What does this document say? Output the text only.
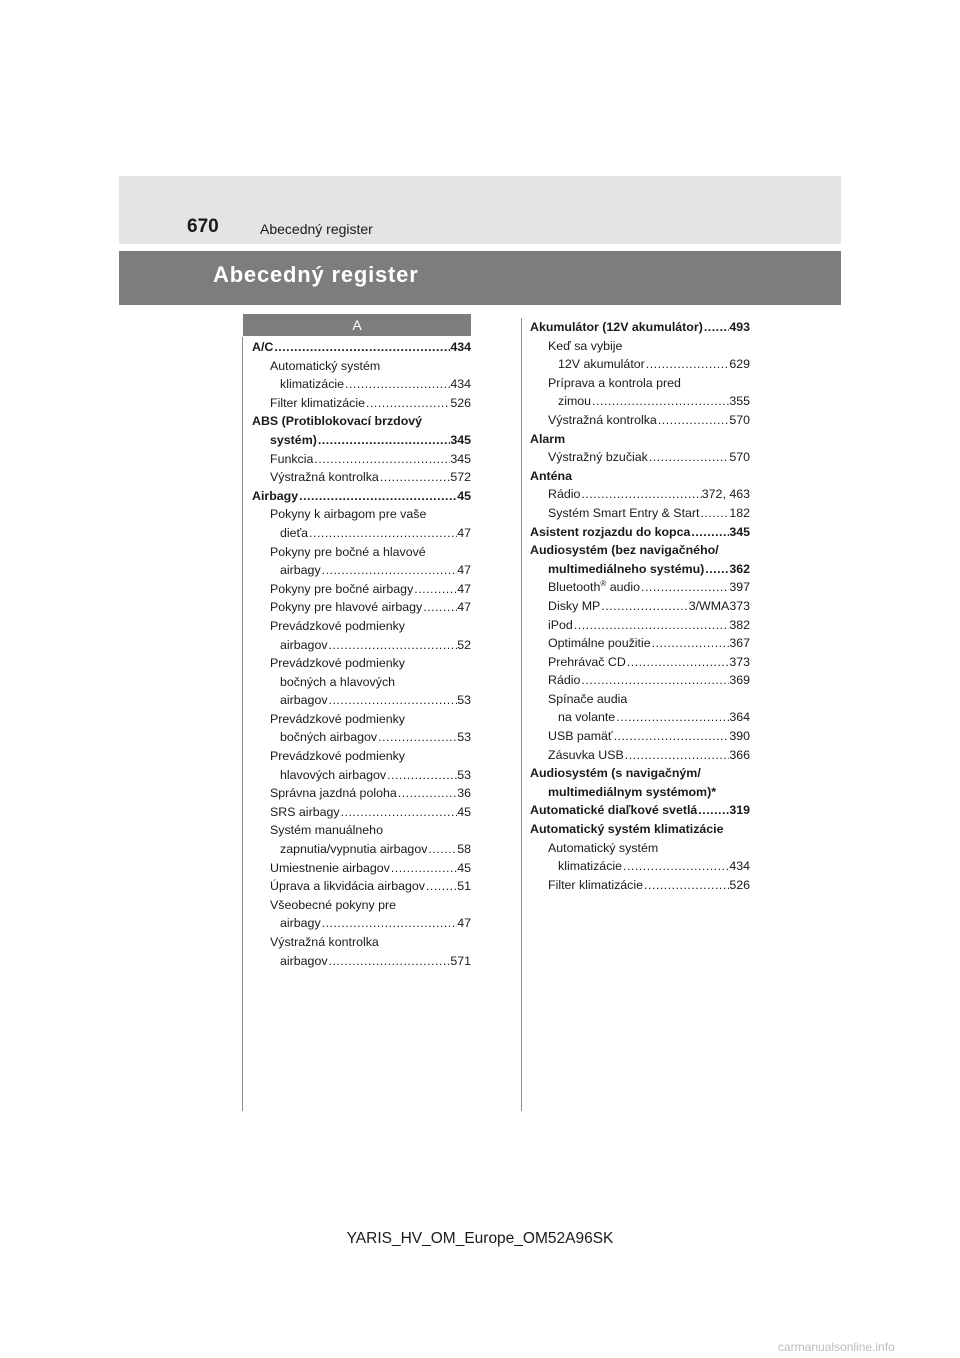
670	Abecedný register
Abecedný register
A
A/C .....	434
Automatický systém
klimatizácie .....	434
Filter klimatizácie .....	526
ABS (Protiblokovací brzdový
systém) .....	345
Funkcia .....	345
Výstražná kontrolka .....	572
Airbagy .....	45
Pokyny k airbagom pre vaše
dieťa .....	47
Pokyny pre bočné a hlavové
airbagy .....	47
Pokyny pre bočné airbagy .....	47
Pokyny pre hlavové airbagy .....	47
Prevádzkové podmienky
airbagov .....	52
Prevádzkové podmienky
bočných a hlavových
airbagov .....	53
Prevádzkové podmienky
bočných airbagov .....	53
Prevádzkové podmienky
hlavových airbagov .....	53
Správna jazdná poloha .....	36
SRS airbagy .....	45
Systém manuálneho
zapnutia/vypnutia airbagov ..... 58
Umiestnenie airbagov .....	45
Úprava a likvidácia airbagov .....	51
Všeobecné pokyny pre
airbagy .....	47
Výstražná kontrolka
airbagov .....	571
Akumulátor (12V akumulátor) ..... 493
Keď sa vybije
12V akumulátor .....	629
Príprava a kontrola pred
zimou .....	355
Výstražná kontrolka .....	570
Alarm
Výstražný bzučiak .....	570
Anténa
Rádio .....	372, 463
Systém Smart Entry & Start ..... 182
Asistent rozjazdu do kopca .....	345
Audiosystém (bez navigačného/
multimediálneho systému) ..... 362
Bluetooth® audio .....	397
Disky MP .....	3/WMA373
iPod .....	382
Optimálne použitie .....	367
Prehrávač CD .....	373
Rádio .....	369
Spínače audia
na volante .....	364
USB pamäť .....	390
Zásuvka USB .....	366
Audiosystém (s navigačným/
multimediálnym systémom)*
Automatické diaľkové svetlá .....	319
Automatický systém klimatizácie
Automatický systém
klimatizácie .....	434
Filter klimatizácie .....	526
YARIS_HV_OM_Europe_OM52A96SK
carmanualsonline.info
